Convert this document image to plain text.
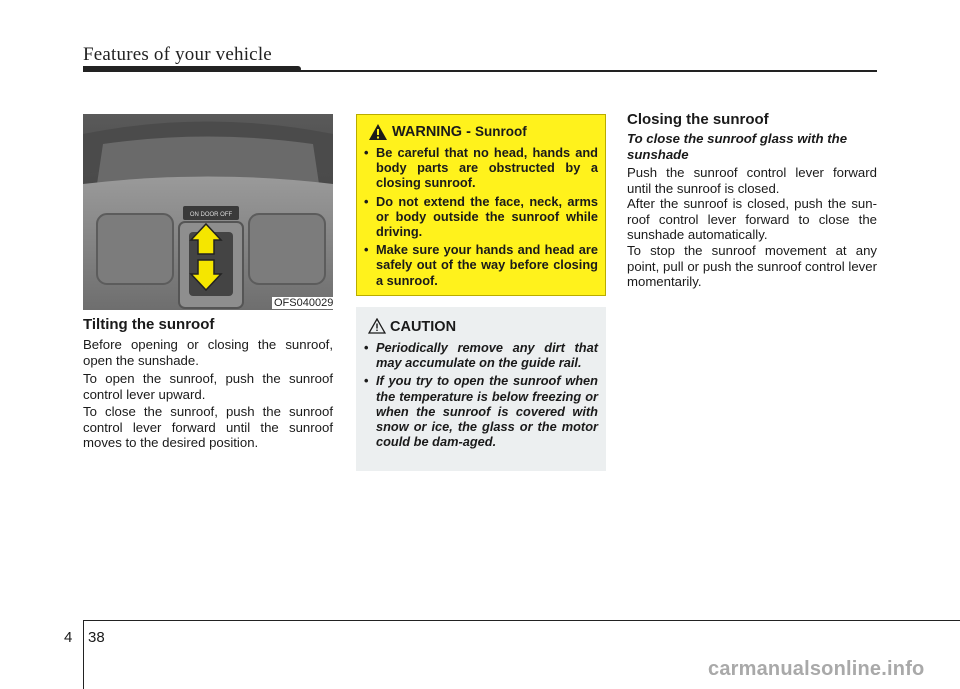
Features of your vehicle
ON DOOR OFF
OFS040029
Tilting the sunroof
Before opening or closing the sunroof, open the sunshade.
To open the sunroof, push the sunroof control lever upward.
To close the sunroof, push the sunroof control lever forward until the sunroof moves to the desired position.
WARNING - Sunroof
• Be careful that no head, hands and body parts are obstructed by a closing sunroof.
• Do not extend the face, neck, arms or body outside the sunroof while driving.
• Make sure your hands and head are safely out of the way before closing a sunroof.
CAUTION
• Periodically remove any dirt that may accumulate on the guide rail.
• If you try to open the sunroof when the temperature is below freezing or when the sunroof is covered with snow or ice, the glass or the motor could be dam-aged.
Closing the sunroof
To close the sunroof glass with the sunshade
Push the sunroof control lever forward until the sunroof is closed.
After the sunroof is closed, push the sun-roof control lever forward to close the sunshade automatically.
To stop the sunroof movement at any point, pull or push the sunroof control lever momentarily.
4 38
carmanualsonline.info
